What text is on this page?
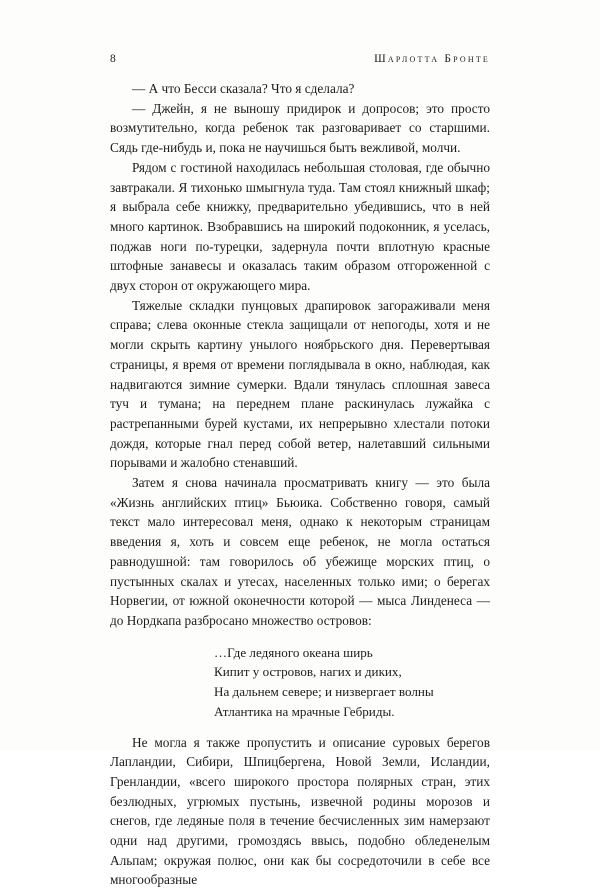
8	Шарлотта Бронте

— А что Бесси сказала? Что я сделала?

— Джейн, я не выношу придирок и допросов; это просто возмутительно, когда ребенок так разговаривает со старшими. Сядь где-нибудь и, пока не научишься быть вежливой, молчи.

Рядом с гостиной находилась небольшая столовая, где обычно завтракали. Я тихонько шмыгнула туда. Там стоял книжный шкаф; я выбрала себе книжку, предварительно убедившись, что в ней много картинок. Взобравшись на широкий подоконник, я уселась, поджав ноги по-турецки, задернула почти вплотную красные штофные занавесы и оказалась таким образом отгороженной с двух сторон от окружающего мира.

Тяжелые складки пунцовых драпировок загораживали меня справа; слева оконные стекла защищали от непогоды, хотя и не могли скрыть картину унылого ноябрьского дня. Перевертывая страницы, я время от времени поглядывала в окно, наблюдая, как надвигаются зимние сумерки. Вдали тянулась сплошная завеса туч и тумана; на переднем плане раскинулась лужайка с растрепанными бурей кустами, их непрерывно хлестали потоки дождя, которые гнал перед собой ветер, налетавший сильными порывами и жалобно стенавший.

Затем я снова начинала просматривать книгу — это была «Жизнь английских птиц» Бьюика. Собственно говоря, самый текст мало интересовал меня, однако к некоторым страницам введения я, хоть и совсем еще ребенок, не могла остаться равнодушной: там говорилось об убежище морских птиц, о пустынных скалах и утесах, населенных только ими; о берегах Норвегии, от южной оконечности которой — мыса Линденеса — до Нордкапа разбросано множество островов:

…Где ледяного океана ширь
Кипит у островов, нагих и диких,
На дальнем севере; и низвергает волны
Атлантика на мрачные Гебриды.

Не могла я также пропустить и описание суровых берегов Лапландии, Сибири, Шпицбергена, Новой Земли, Исландии, Гренландии, «всего широкого простора полярных стран, этих безлюдных, угрюмых пустынь, извечной родины морозов и снегов, где ледяные поля в течение бесчисленных зим намерзают одни над другими, громоздясь ввысь, подобно обледенелым Альпам; окружая полюс, они как бы сосредоточили в себе все многообразные
